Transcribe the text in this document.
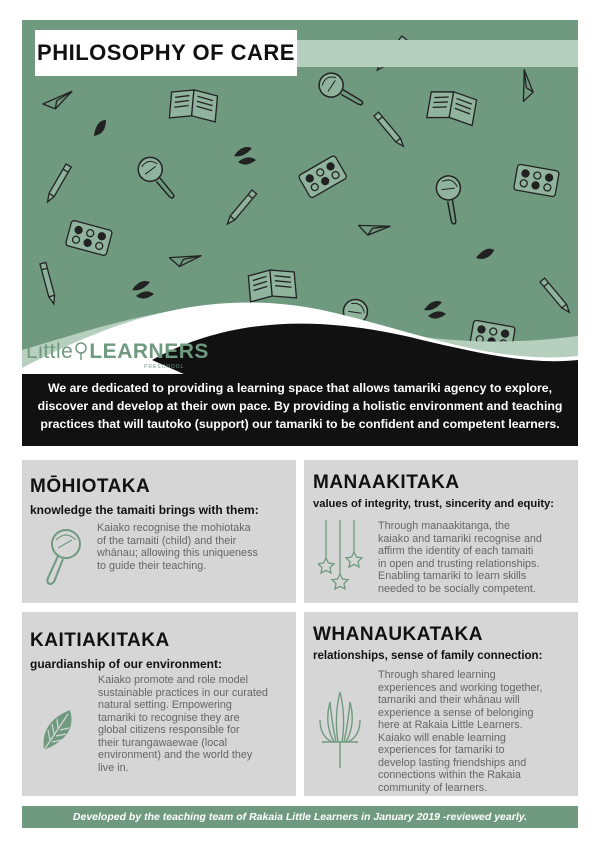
PHILOSOPHY OF CARE
RAKAIA
Little LEARNERS
PRESCHOOL
We are dedicated to providing a learning space that allows tamariki agency to explore,
discover and develop at their own pace. By providing a holistic environment and teaching
practices that will tautoko (support) our tamariki to be confident and competent learners.
MŌHIOTAKA
knowledge the tamaiti brings with them:

Kaiako recognise the mohiotaka
of the tamaiti (child) and their
whānau; allowing this uniqueness
to guide their teaching.

MANAAKITAKA
values of integrity, trust, sincerity and equity:

Through manaakitanga, the
kaiako and tamariki recognise and
affirm the identity of each tamaiti
in open and trusting relationships.
Enabling tamariki to learn skills
needed to be socially competent.

KAITIAKITAKA
guardianship of our environment:

Kaiako promote and role model
sustainable practices in our curated
natural setting. Empowering
tamariki to recognise they are
global citizens responsible for
their turangawaewae (local
environment) and the world they
live in.

WHANAUKATAKA
relationships, sense of family connection:

Through shared learning
experiences and working together,
tamariki and their whānau will
experience a sense of belonging
here at Rakaia Little Learners.
Kaiako will enable learning
experiences for tamariki to
develop lasting friendships and
connections within the Rakaia
community of learners.

Developed by the teaching team of Rakaia Little Learners in January 2019 -reviewed yearly.
